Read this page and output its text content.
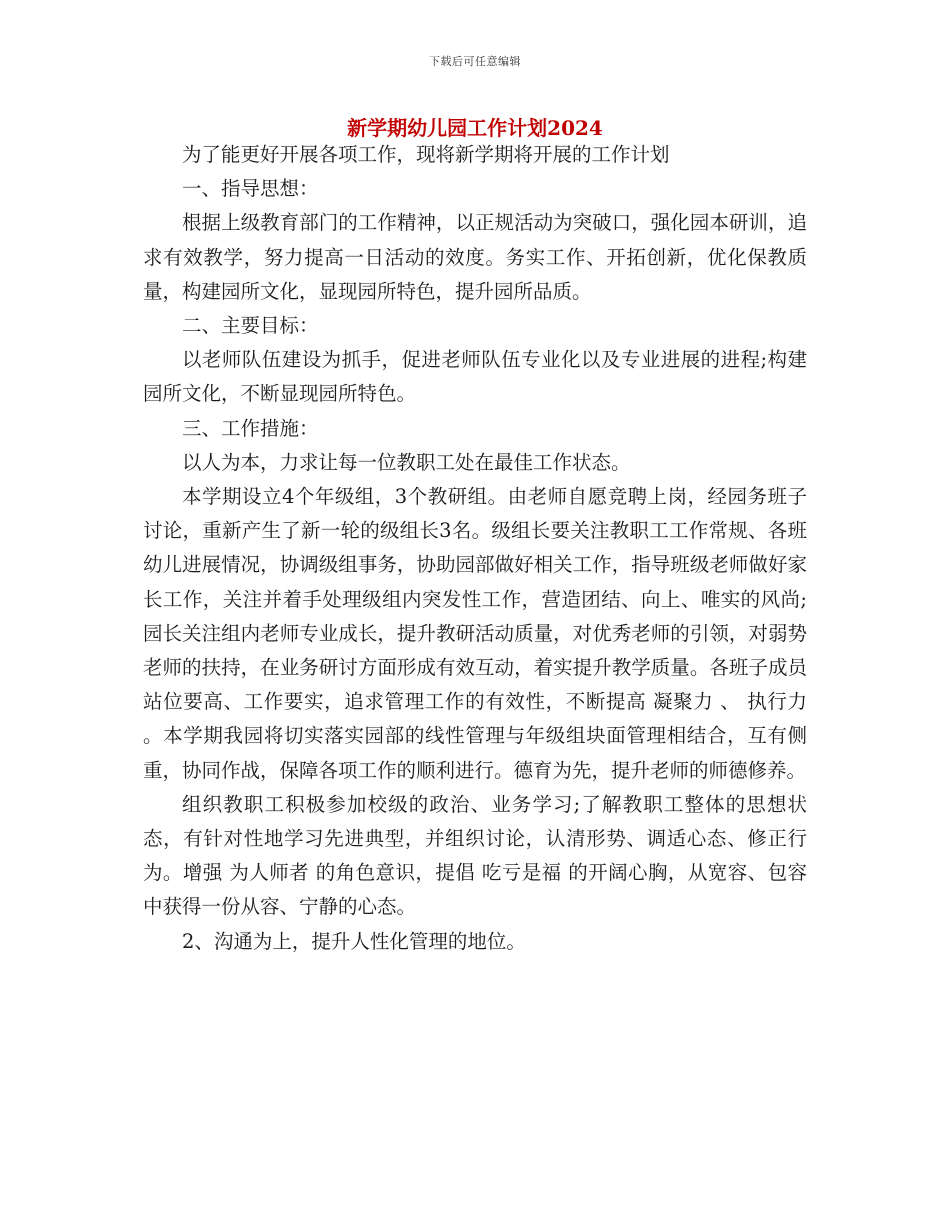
下载后可任意编辑
新学期幼儿园工作计划2024

为了能更好开展各项工作，现将新学期将开展的工作计划

一、指导思想：

根据上级教育部门的工作精神，以正规活动为突破口，强化园本研训，追求有效教学，努力提高一日活动的效度。务实工作、开拓创新，优化保教质量，构建园所文化，显现园所特色，提升园所品质。

二、主要目标：

以老师队伍建设为抓手，促进老师队伍专业化以及专业进展的进程;构建园所文化，不断显现园所特色。

三、工作措施：

以人为本，力求让每一位教职工处在最佳工作状态。

本学期设立4个年级组，3个教研组。由老师自愿竞聘上岗，经园务班子讨论，重新产生了新一轮的级组长3名。级组长要关注教职工工作常规、各班幼儿进展情况，协调级组事务，协助园部做好相关工作，指导班级老师做好家长工作，关注并着手处理级组内突发性工作，营造团结、向上、唯实的风尚;园长关注组内老师专业成长，提升教研活动质量，对优秀老师的引领，对弱势老师的扶持，在业务研讨方面形成有效互动，着实提升教学质量。各班子成员站位要高、工作要实，追求管理工作的有效性，不断提高 凝聚力 、 执行力 。本学期我园将切实落实园部的线性管理与年级组块面管理相结合，互有侧重，协同作战，保障各项工作的顺利进行。德育为先，提升老师的师德修养。

组织教职工积极参加校级的政治、业务学习;了解教职工整体的思想状态，有针对性地学习先进典型，并组织讨论，认清形势、调适心态、修正行为。增强 为人师者 的角色意识，提倡 吃亏是福 的开阔心胸，从宽容、包容中获得一份从容、宁静的心态。

2、沟通为上，提升人性化管理的地位。
